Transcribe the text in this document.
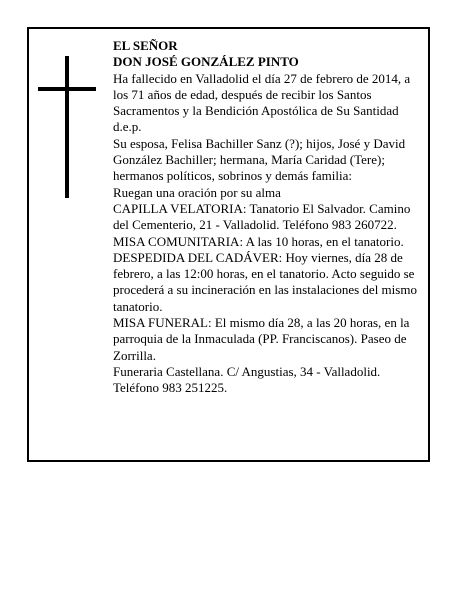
EL SEÑOR

DON JOSÉ GONZÁLEZ PINTO

Ha fallecido en Valladolid el día 27 de febrero de 2014, a los 71 años de edad, después de recibir los Santos Sacramentos y la Bendición Apostólica de Su Santidad d.e.p.

Su esposa, Felisa Bachiller Sanz (?); hijos, José y David González Bachiller; hermana, María Caridad (Tere); hermanos políticos, sobrinos y demás familia:

Ruegan una oración por su alma

CAPILLA VELATORIA: Tanatorio El Salvador. Camino del Cementerio, 21 - Valladolid. Teléfono 983 260722.

MISA COMUNITARIA: A las 10 horas, en el tanatorio.

DESPEDIDA DEL CADÁVER: Hoy viernes, día 28 de febrero, a las 12:00 horas, en el tanatorio. Acto seguido se procederá a su incineración en las instalaciones del mismo tanatorio.

MISA FUNERAL: El mismo día 28, a las 20 horas, en la parroquia de la Inmaculada (PP. Franciscanos). Paseo de Zorrilla.

Funeraria Castellana. C/ Angustias, 34 - Valladolid. Teléfono 983 251225.
